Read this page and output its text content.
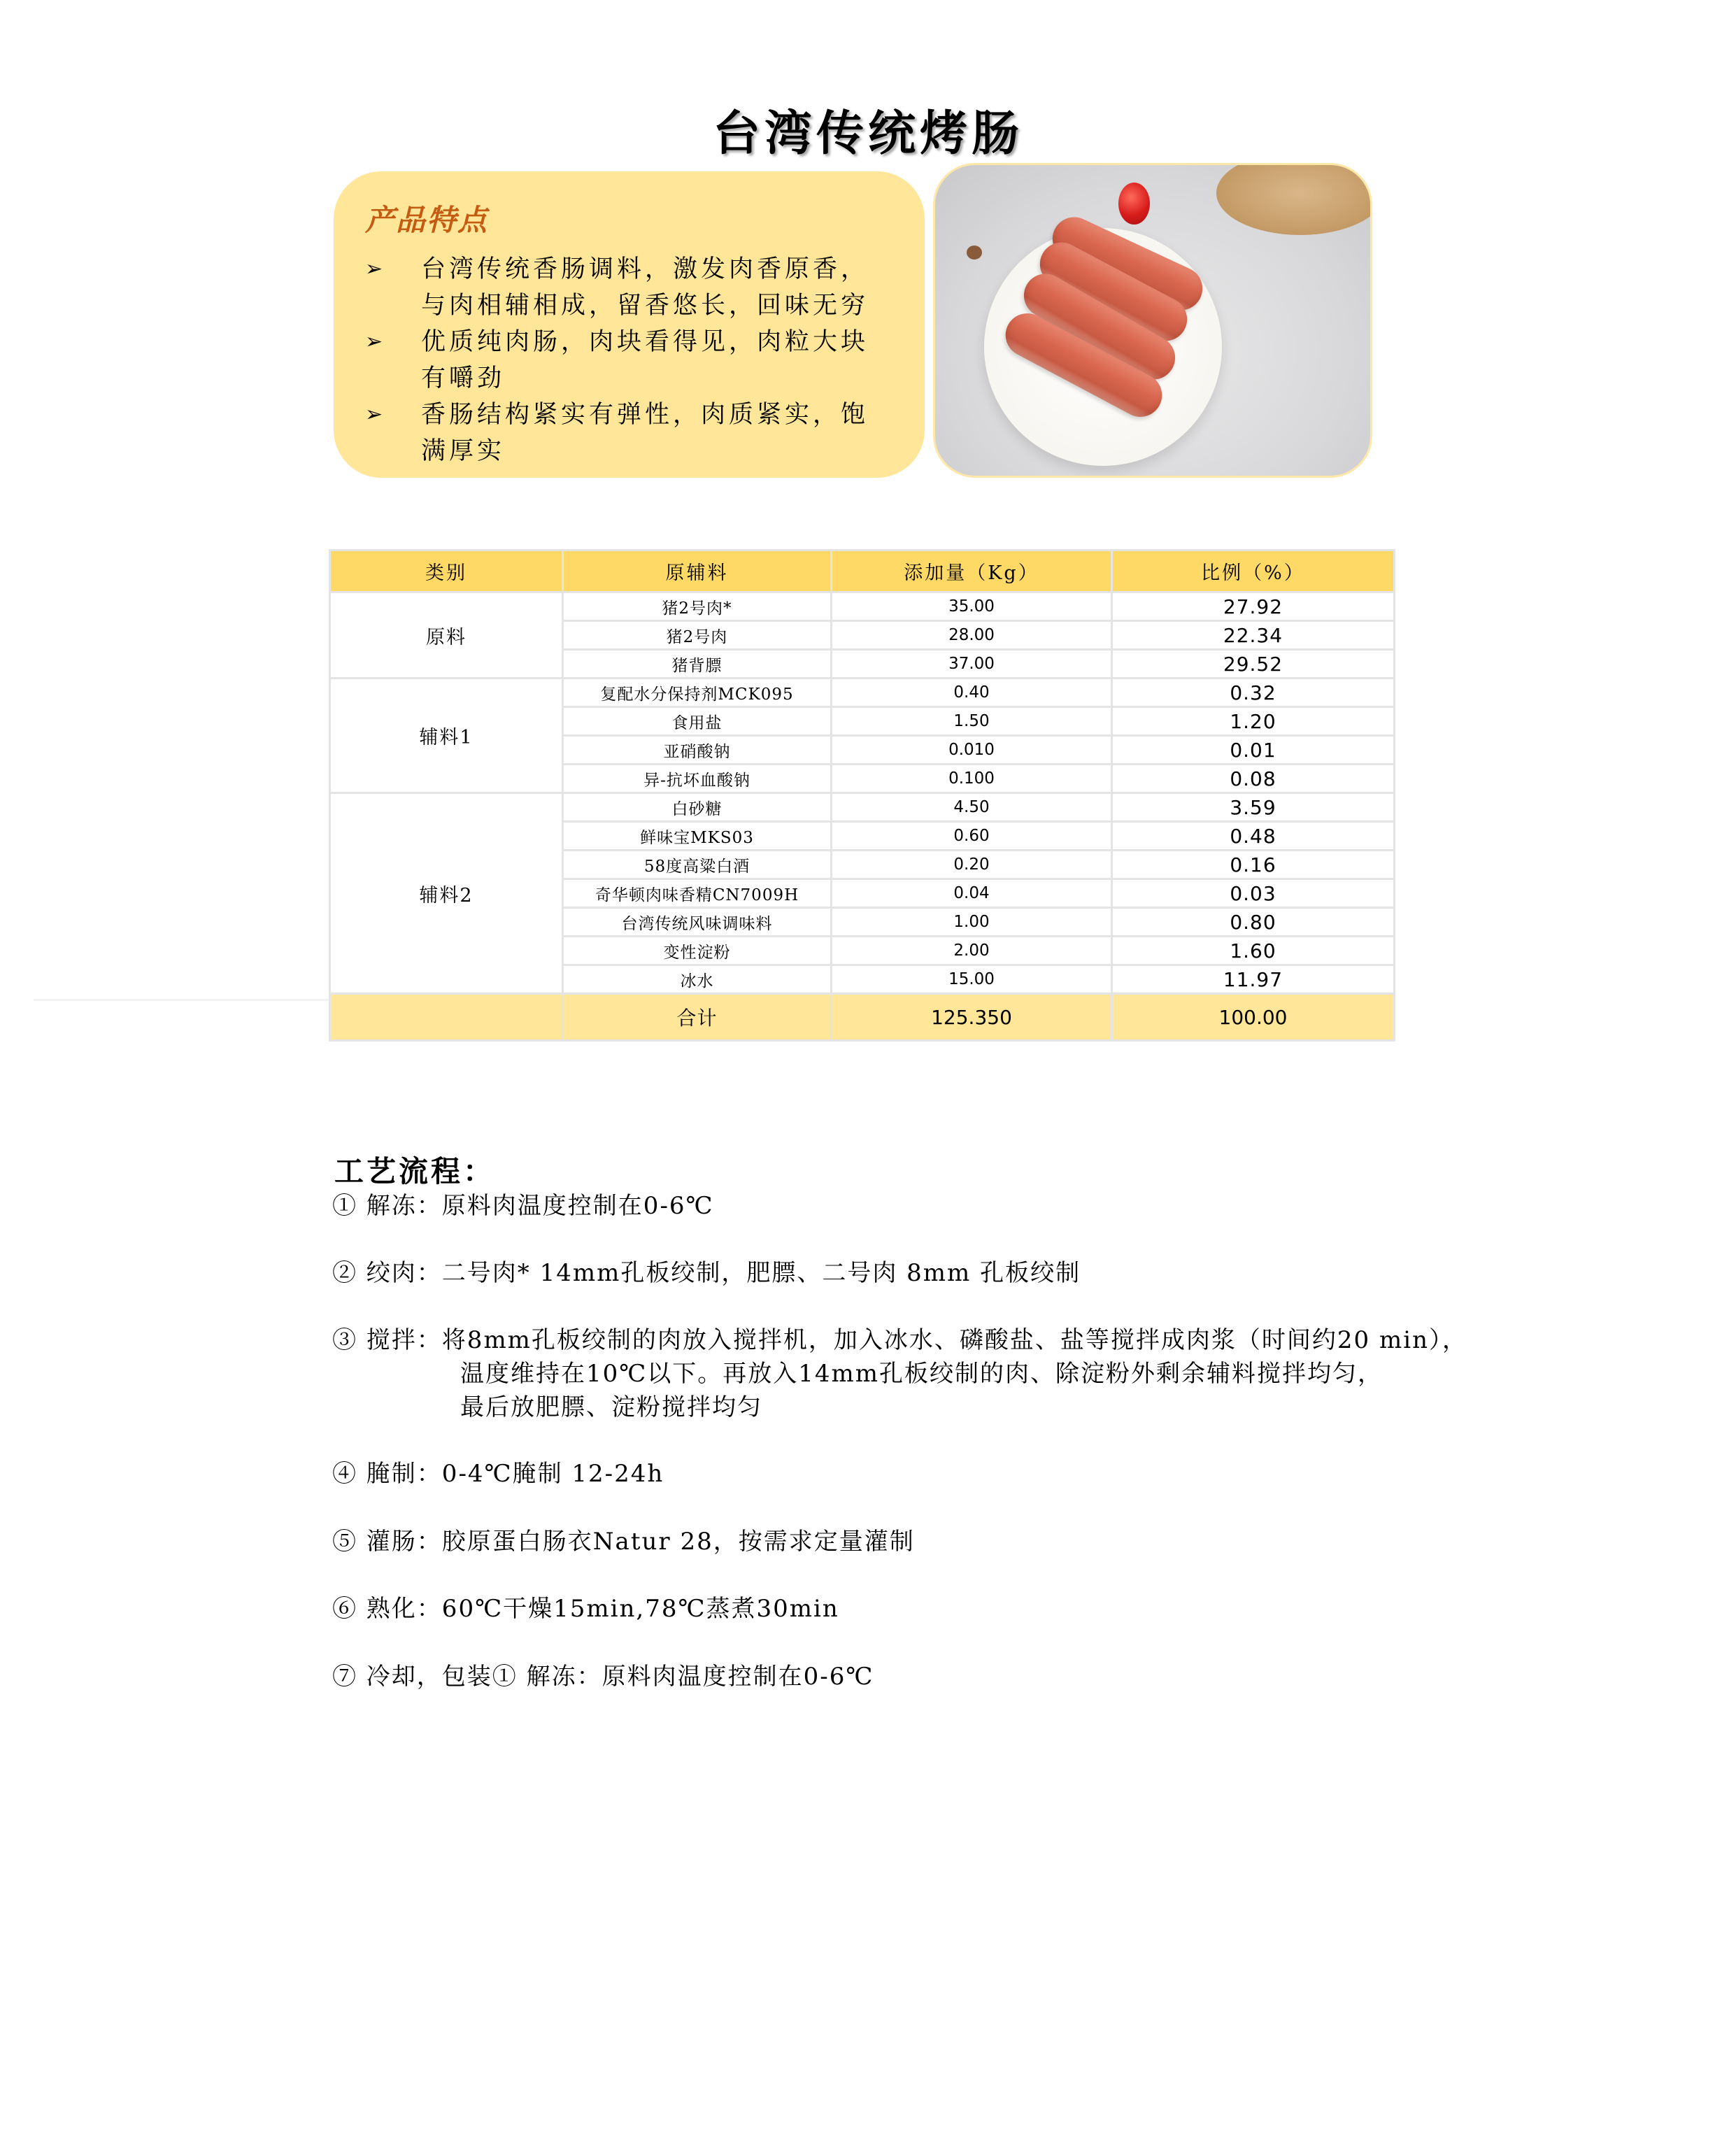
台湾传统烤肠
产品特点
➢ 台湾传统香肠调料，激发肉香原香，与肉相辅相成，留香悠长，回味无穷
➢ 优质纯肉肠，肉块看得见，肉粒大块有嚼劲
➢ 香肠结构紧实有弹性，肉质紧实，饱满厚实
类别	原辅料	添加量（Kg）	比例（%）
原料	猪2号肉*	35.00	27.92
	猪2号肉	28.00	22.34
	猪背膘	37.00	29.52
辅料1	复配水分保持剂MCK095	0.40	0.32
	食用盐	1.50	1.20
	亚硝酸钠	0.010	0.01
	异-抗坏血酸钠	0.100	0.08
辅料2	白砂糖	4.50	3.59
	鲜味宝MKS03	0.60	0.48
	58度高粱白酒	0.20	0.16
	奇华顿肉味香精CN7009H	0.04	0.03
	台湾传统风味调味料	1.00	0.80
	变性淀粉	2.00	1.60
	冰水	15.00	11.97
	合计	125.350	100.00
工艺流程：
① 解冻：原料肉温度控制在0-6℃
② 绞肉：二号肉* 14mm孔板绞制，肥膘、二号肉 8mm 孔板绞制
③ 搅拌：将8mm孔板绞制的肉放入搅拌机，加入冰水、磷酸盐、盐等搅拌成肉浆（时间约20 min），
温度维持在10℃以下。再放入14mm孔板绞制的肉、除淀粉外剩余辅料搅拌均匀，
最后放肥膘、淀粉搅拌均匀
④ 腌制：0-4℃腌制 12-24h
⑤ 灌肠：胶原蛋白肠衣Natur 28，按需求定量灌制
⑥ 熟化：60℃干燥15min,78℃蒸煮30min
⑦ 冷却，包装① 解冻：原料肉温度控制在0-6℃
